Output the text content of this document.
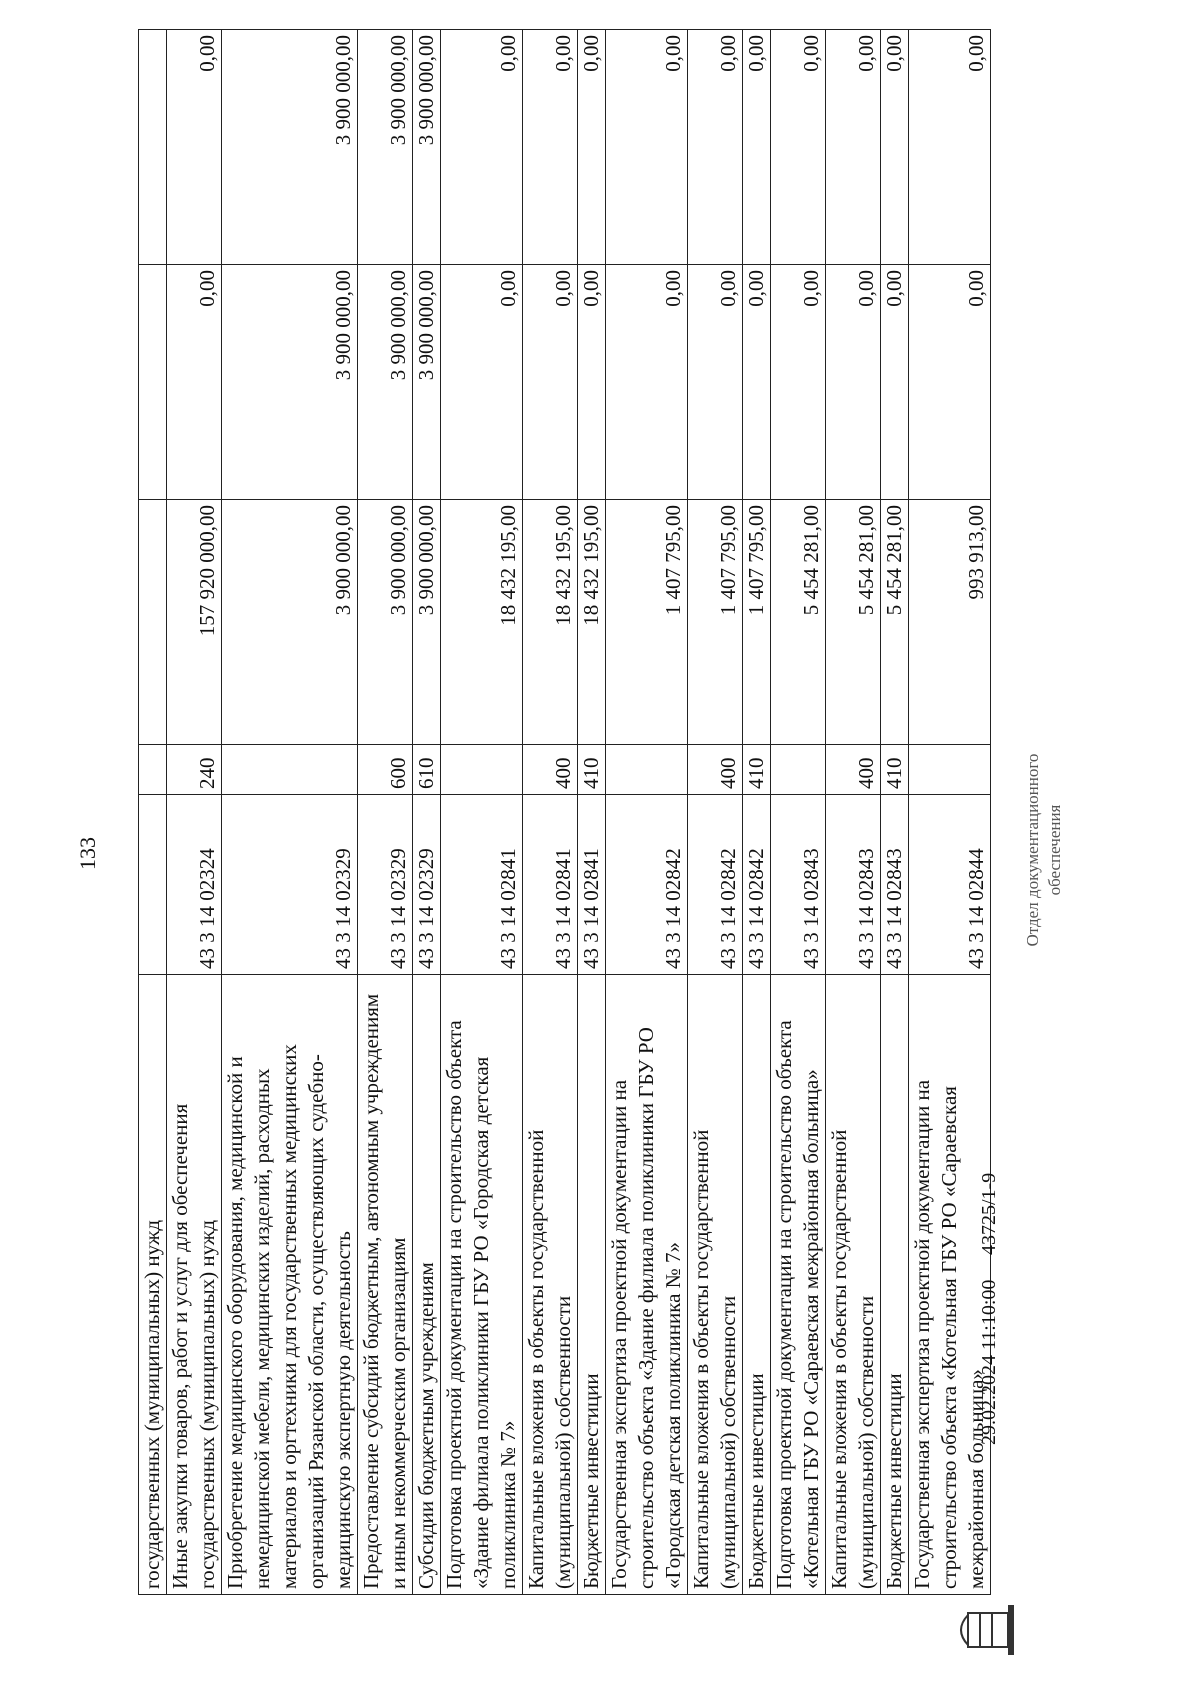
133
государственных (муниципальных) нужд					
Иные закупки товаров, работ и услуг для обеспечения государственных (муниципальных) нужд	43 3 14 02324	240	157 920 000,00	0,00	0,00
Приобретение медицинского оборудования, медицинской и немедицинской мебели, медицинских изделий, расходных материалов и оргтехники для государственных медицинских организаций Рязанской области, осуществляющих судебно-медицинскую экспертную деятельность	43 3 14 02329		3 900 000,00	3 900 000,00	3 900 000,00
Предоставление субсидий бюджетным, автономным учреждениям и иным некоммерческим организациям	43 3 14 02329	600	3 900 000,00	3 900 000,00	3 900 000,00
Субсидии бюджетным учреждениям	43 3 14 02329	610	3 900 000,00	3 900 000,00	3 900 000,00
Подготовка проектной документации на строительство объекта «Здание филиала поликлиники ГБУ РО «Городская детская поликлиника № 7»	43 3 14 02841		18 432 195,00	0,00	0,00
Капитальные вложения в объекты государственной (муниципальной) собственности	43 3 14 02841	400	18 432 195,00	0,00	0,00
Бюджетные инвестиции	43 3 14 02841	410	18 432 195,00	0,00	0,00
Государственная экспертиза проектной документации на строительство объекта «Здание филиала поликлиники ГБУ РО «Городская детская поликлиника № 7»	43 3 14 02842		1 407 795,00	0,00	0,00
Капитальные вложения в объекты государственной (муниципальной) собственности	43 3 14 02842	400	1 407 795,00	0,00	0,00
Бюджетные инвестиции	43 3 14 02842	410	1 407 795,00	0,00	0,00
Подготовка проектной документации на строительство объекта «Котельная ГБУ РО «Сараевская межрайонная больница»	43 3 14 02843		5 454 281,00	0,00	0,00
Капитальные вложения в объекты государственной (муниципальной) собственности	43 3 14 02843	400	5 454 281,00	0,00	0,00
Бюджетные инвестиции	43 3 14 02843	410	5 454 281,00	0,00	0,00
Государственная экспертиза проектной документации на строительство объекта «Котельная ГБУ РО «Сараевская межрайонная больница»	43 3 14 02844		993 913,00	0,00	0,00
29.02.2024 11:10:00
43725/1-9
Отдел документационного обеспечения
